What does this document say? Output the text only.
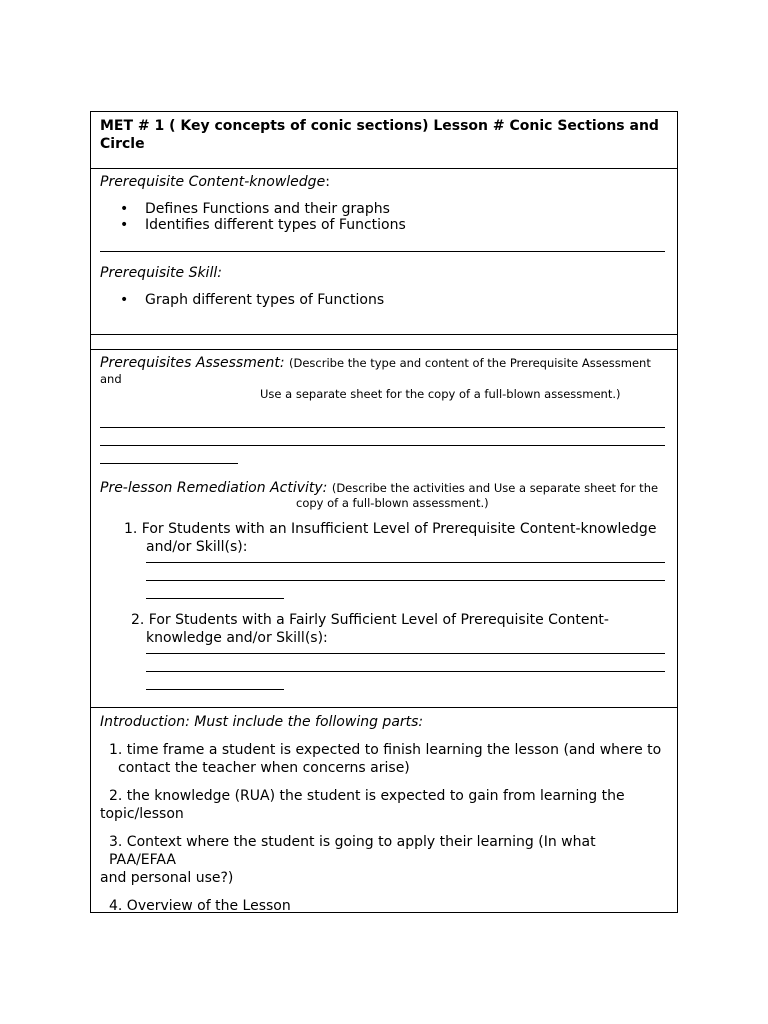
MET # 1 ( Key concepts of conic sections) Lesson # Conic Sections and
Circle
Prerequisite Content-knowledge:
• Defines Functions and their graphs
• Identifies different types of Functions
Prerequisite Skill:
• Graph different types of Functions
Prerequisites Assessment: (Describe the type and content of the Prerequisite Assessment and
Use a separate sheet for the copy of a full-blown assessment.)
Pre-lesson Remediation Activity: (Describe the activities and Use a separate sheet for the
copy of a full-blown assessment.)
1. For Students with an Insufficient Level of Prerequisite Content-knowledge
and/or Skill(s):
2. For Students with a Fairly Sufficient Level of Prerequisite Content-
knowledge and/or Skill(s):
Introduction: Must include the following parts:
1. time frame a student is expected to finish learning the lesson (and where to
contact the teacher when concerns arise)
2. the knowledge (RUA) the student is expected to gain from learning the
topic/lesson
3. Context where the student is going to apply their learning (In what PAA/EFAA
and personal use?)
4. Overview of the Lesson
